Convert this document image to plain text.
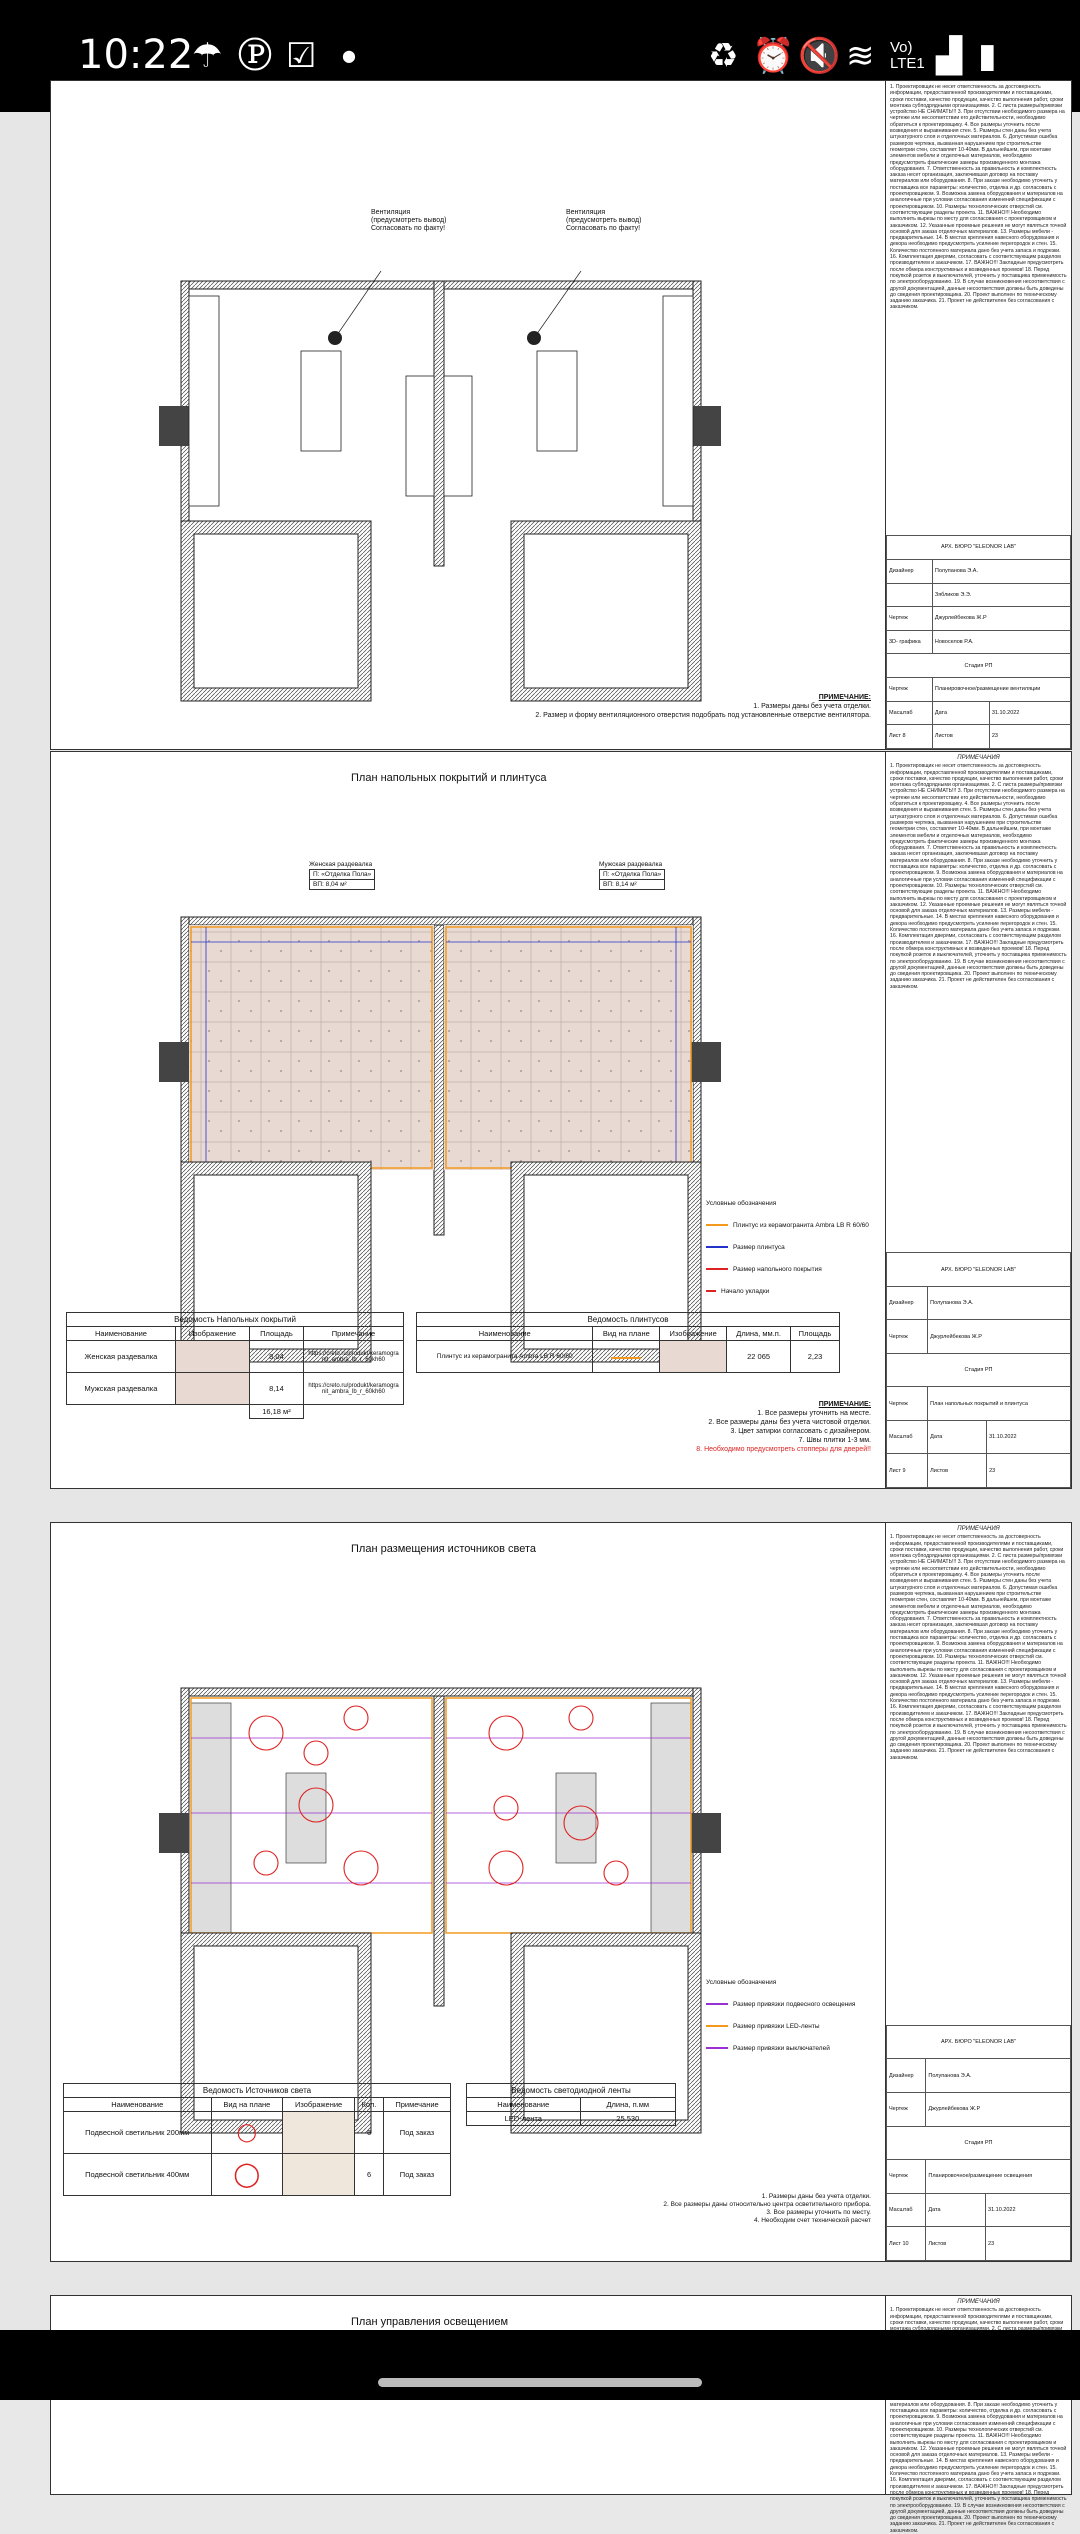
10:22
☂ Ⓟ ☑ ●	♻ ⏰ 🔇 ≋ Vo) LTE1 ▟ ▮
Вентиляция (предусмотреть вывод) Согласовать по факту!
Вентиляция (предусмотреть вывод) Согласовать по факту!
ПРИМЕЧАНИЕ:
1. Размеры даны без учета отделки.
2. Размер и форму вентиляционного отверстия подобрать под установленные отверстие вентилятора.
1. Проектировщик не несет ответственность за достоверность информации, предоставленной производителями и поставщиками, сроки поставки, качество продукции, качество выполнения работ, сроки монтажа субподрядными организациями. 2. С листа размеры/привязки устройство НЕ СНИМАТЬ!!! 3. При отсутствии необходимого размера на чертеже или несоответствии его действительности, необходимо обратиться к проектировщику. 4. Все размеры уточнить после возведения и выравнивания стен. 5. Размеры стен даны без учета штукатурного слоя и отделочных материалов. 6. Допустимая ошибка размеров чертежа, вызванная нарушением при строительстве геометрии стен, составляет 10-40мм. В дальнейшем, при монтаже элементов мебели и отделочных материалов, необходимо предусмотреть фактические замеры произведенного монтажа оборудования. 7. Ответственность за правильность и комплектность заказа несет организация, заключившая договор на поставку материалов или оборудования. 8. При заказе необходимо уточнить у поставщика все параметры: количество, отделка и др. согласовать с проектировщиком. 9. Возможна замена оборудования и материалов на аналогичные при условии согласования изменений спецификации с проектировщиком. 10. Размеры технологических отверстий см. соответствующие разделы проекта. 11. ВАЖНО!!! Необходимо выполнить вырезы по месту для согласования с проектировщиком и заказчиком. 12. Указанные проемные решения не могут являться точной основой для заказа отделочных материалов. 13. Размеры мебели - предварительные. 14. В местах крепления навесного оборудования и декора необходимо предусмотреть усиление перегородок и стен. 15. Количество постоянного материала дано без учета запаса и подрезки. 16. Комплектация дверями, согласовать с соответствующим разделом производителем и заказчиком. 17. ВАЖНО!!! Закладные предусмотреть после обмера конструктивных и возведенных проемов! 18. Перед покупкой розеток и выключателей, уточнить у поставщика применимость по электрооборудованию. 19. В случае возникновения несоответствия с другой документацией, данные несоответствия должны быть доведены до сведения проектировщика. 20. Проект выполнен по техническому заданию заказчика. 21. Проект не действителен без согласования с заказчиком.
АРХ. БЮРО "ELEONOR LAB"		
Дизайнер	Полупанова Э.А.	
	Зябликов Э.Э.	
Чертеж	Джурлейбекова Ж.Р	
3D- графика	Новоселов Р.А.	
Стадия РП		
Чертеж	Планировочное/размещение вентиляции	
Масштаб	Дата	31.10.2022
Лист 8	Листов	23
План напольных покрытий и плинтуса
Женская раздевалка
П: «Отделка Пола»
ВП: 8,04 м²
Мужская раздевалка
П: «Отделка Пола»
ВП: 8,14 м²
Условные обозначения
Плинтус из керамогранита Ambra LB R 60/60
Размер плинтуса
Размер напольного покрытия
Начало укладки
Ведомость Напольных покрытий			
Наименование	Изображение	Площадь	Примечание
Женская раздевалка		8,04	https://creto.ru/produkt/keramogranit_ambra_lb_r_60kh60
Мужская раздевалка		8,14	https://creto.ru/produkt/keramogranit_ambra_lb_r_60kh60
		16,18 м²	
Ведомость плинтусов				
Наименование	Вид на плане	Изображение	Длина, мм.п.	Площадь
Плинтус из керамогранита Ambra LB R 60/60			22 065	2,23
ПРИМЕЧАНИЕ:
1. Все размеры уточнить на месте.
2. Все размеры даны без учета чистовой отделки.
3. Цвет затирки согласовать с дизайнером.
7. Швы плитки 1-3 мм.
8. Необходимо предусмотреть стопперы для дверей!!
ПРИМЕЧАНИЯ
1. Проектировщик не несет ответственность за достоверность информации, предоставленной производителями и поставщиками, сроки поставки, качество продукции, качество выполнения работ, сроки монтажа субподрядными организациями. 2. С листа размеры/привязки устройство НЕ СНИМАТЬ!!! 3. При отсутствии необходимого размера на чертеже или несоответствии его действительности, необходимо обратиться к проектировщику. 4. Все размеры уточнить после возведения и выравнивания стен. 5. Размеры стен даны без учета штукатурного слоя и отделочных материалов. 6. Допустимая ошибка размеров чертежа, вызванная нарушением при строительстве геометрии стен, составляет 10-40мм. В дальнейшем, при монтаже элементов мебели и отделочных материалов, необходимо предусмотреть фактические замеры произведенного монтажа оборудования. 7. Ответственность за правильность и комплектность заказа несет организация, заключившая договор на поставку материалов или оборудования. 8. При заказе необходимо уточнить у поставщика все параметры: количество, отделка и др. согласовать с проектировщиком. 9. Возможна замена оборудования и материалов на аналогичные при условии согласования изменений спецификации с проектировщиком. 10. Размеры технологических отверстий см. соответствующие разделы проекта. 11. ВАЖНО!!! Необходимо выполнить вырезы по месту для согласования с проектировщиком и заказчиком. 12. Указанные проемные решения не могут являться точной основой для заказа отделочных материалов. 13. Размеры мебели - предварительные. 14. В местах крепления навесного оборудования и декора необходимо предусмотреть усиление перегородок и стен. 15. Количество постоянного материала дано без учета запаса и подрезки. 16. Комплектация дверями, согласовать с соответствующим разделом производителем и заказчиком. 17. ВАЖНО!!! Закладные предусмотреть после обмера конструктивных и возведенных проемов! 18. Перед покупкой розеток и выключателей, уточнить у поставщика применимость по электрооборудованию. 19. В случае возникновения несоответствия с другой документацией, данные несоответствия должны быть доведены до сведения проектировщика. 20. Проект выполнен по техническому заданию заказчика. 21. Проект не действителен без согласования с заказчиком.
АРХ. БЮРО "ELEONOR LAB"		
Дизайнер	Полупанова Э.А.	
Чертеж	Джурлейбекова Ж.Р	
Стадия РП		
Чертеж	План напольных покрытий и плинтуса	
Масштаб	Дата	31.10.2022
Лист 9	Листов	23
План размещения источников света
Условные обозначения
Размер привязки подвесного освещения
Размер привязки LED-ленты
Размер привязки выключателей
Ведомость Источников света				
Наименование	Вид на плане	Изображение	Кол.	Примечание
Подвесной светильник 200мм	◯		6	Под заказ
Подвесной светильник 400мм	◯		6	Под заказ
Ведомость светодиодной ленты	
Наименование	Длина, п.мм
LED-лента	25 530
1. Размеры даны без учета отделки.
2. Все размеры даны относительно центра осветительного прибора.
3. Все размеры уточнить по месту.
4. Необходим счет технической расчет
ПРИМЕЧАНИЯ
1. Проектировщик не несет ответственность за достоверность информации, предоставленной производителями и поставщиками, сроки поставки, качество продукции, качество выполнения работ, сроки монтажа субподрядными организациями. 2. С листа размеры/привязки устройство НЕ СНИМАТЬ!!! 3. При отсутствии необходимого размера на чертеже или несоответствии его действительности, необходимо обратиться к проектировщику. 4. Все размеры уточнить после возведения и выравнивания стен. 5. Размеры стен даны без учета штукатурного слоя и отделочных материалов. 6. Допустимая ошибка размеров чертежа, вызванная нарушением при строительстве геометрии стен, составляет 10-40мм. В дальнейшем, при монтаже элементов мебели и отделочных материалов, необходимо предусмотреть фактические замеры произведенного монтажа оборудования. 7. Ответственность за правильность и комплектность заказа несет организация, заключившая договор на поставку материалов или оборудования. 8. При заказе необходимо уточнить у поставщика все параметры: количество, отделка и др. согласовать с проектировщиком. 9. Возможна замена оборудования и материалов на аналогичные при условии согласования изменений спецификации с проектировщиком. 10. Размеры технологических отверстий см. соответствующие разделы проекта. 11. ВАЖНО!!! Необходимо выполнить вырезы по месту для согласования с проектировщиком и заказчиком. 12. Указанные проемные решения не могут являться точной основой для заказа отделочных материалов. 13. Размеры мебели - предварительные. 14. В местах крепления навесного оборудования и декора необходимо предусмотреть усиление перегородок и стен. 15. Количество постоянного материала дано без учета запаса и подрезки. 16. Комплектация дверями, согласовать с соответствующим разделом производителем и заказчиком. 17. ВАЖНО!!! Закладные предусмотреть после обмера конструктивных и возведенных проемов! 18. Перед покупкой розеток и выключателей, уточнить у поставщика применимость по электрооборудованию. 19. В случае возникновения несоответствия с другой документацией, данные несоответствия должны быть доведены до сведения проектировщика. 20. Проект выполнен по техническому заданию заказчика. 21. Проект не действителен без согласования с заказчиком.
АРХ. БЮРО "ELEONOR LAB"		
Дизайнер	Полупанова Э.А.	
Чертеж	Джурлейбекова Ж.Р	
Стадия РП		
Чертеж	Планировочное/размещение освещения	
Масштаб	Дата	31.10.2022
Лист 10	Листов	23
План управления освещением
ПРИМЕЧАНИЯ
1. Проектировщик не несет ответственность за достоверность информации, предоставленной производителями и поставщиками, сроки поставки, качество продукции, качество выполнения работ, сроки материалов или оборудования. 8. При заказе необходимо уточнить у поставщика все параметры: количество, отделка и др. согласовать с проектировщиком. 9. Возможна замена оборудования и материалов на аналогичные при условии согласования изменений спецификации с проектировщиком. 10. Размеры технологических отверстий см. соответствующие разделы проекта. 11. ВАЖНО!!! Необходимо выполнить вырезы по месту для согласования с проектировщиком и заказчиком. 12. Указанные проемные решения не могут являться точной основой для заказа отделочных материалов. 13. Размеры мебели - предварительные. 14. В местах крепления навесного оборудования и декора необходимо предусмотреть усиление перегородок и стен. 15. Количество постоянного материала дано без учета запаса и подрезки. 16. Комплектация дверями, согласовать с соответствующим разделом производителем и заказчиком. 17. ВАЖНО!!! Закладные предусмотреть после обмера конструктивных и возведенных проемов! 18. Перед покупкой розеток и выключателей, уточнить у поставщика применимость по электрооборудованию. 19. В случае возникновения несоответствия с другой документацией, данные несоответствия должны быть доведены до сведения проектировщика. 20. Проект выполнен по техническому заданию заказчика. 21. Проект не действителен без согласования с заказчиком.
